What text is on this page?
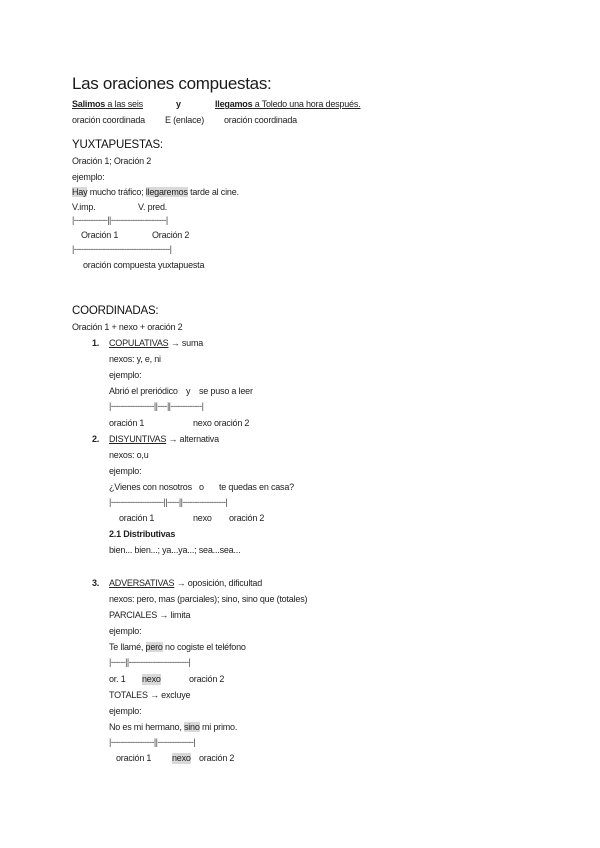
Las oraciones compuestas:
Salimos a las seis	y	llegamos a Toledo una hora después.
oración coordinada E (enlace) oración coordinada
YUXTAPUESTAS:
Oración 1; Oración 2
ejemplo:
Hay mucho tráfico; llegaremos tarde al cine.
V.imp.	V. pred.
|--------------||-----------------------|
Oración 1	Oración 2
|----------------------------------------|
oración compuesta yuxtapuesta
COORDINADAS:
Oración 1 + nexo + oración 2
1. COPULATIVAS → suma
nexos: y, e, ni
ejemplo:
Abrió el preriódico y se puso a leer
|------------------||----||-------------|
oración 1	nexo oración 2
2. DISYUNTIVAS → alternativa
nexos: o,u
ejemplo:
¿Vienes con nosotros o te quedas en casa?
|----------------------||-----||------------------|
oración 1	nexo oración 2
2.1 Distributivas
bien... bien...; ya...ya...; sea...sea...
3. ADVERSATIVAS → oposición, dificultad
nexos: pero, mas (parciales); sino, sino que (totales)
PARCIALES → limita
ejemplo:
Te llamé, pero no cogiste el teléfono
|------||-------------------------|
or. 1 nexo	oración 2
TOTALES → excluye
ejemplo:
No es mi hermano, sino mi primo.
|------------------||---------------|
oración 1 nexo oración 2
